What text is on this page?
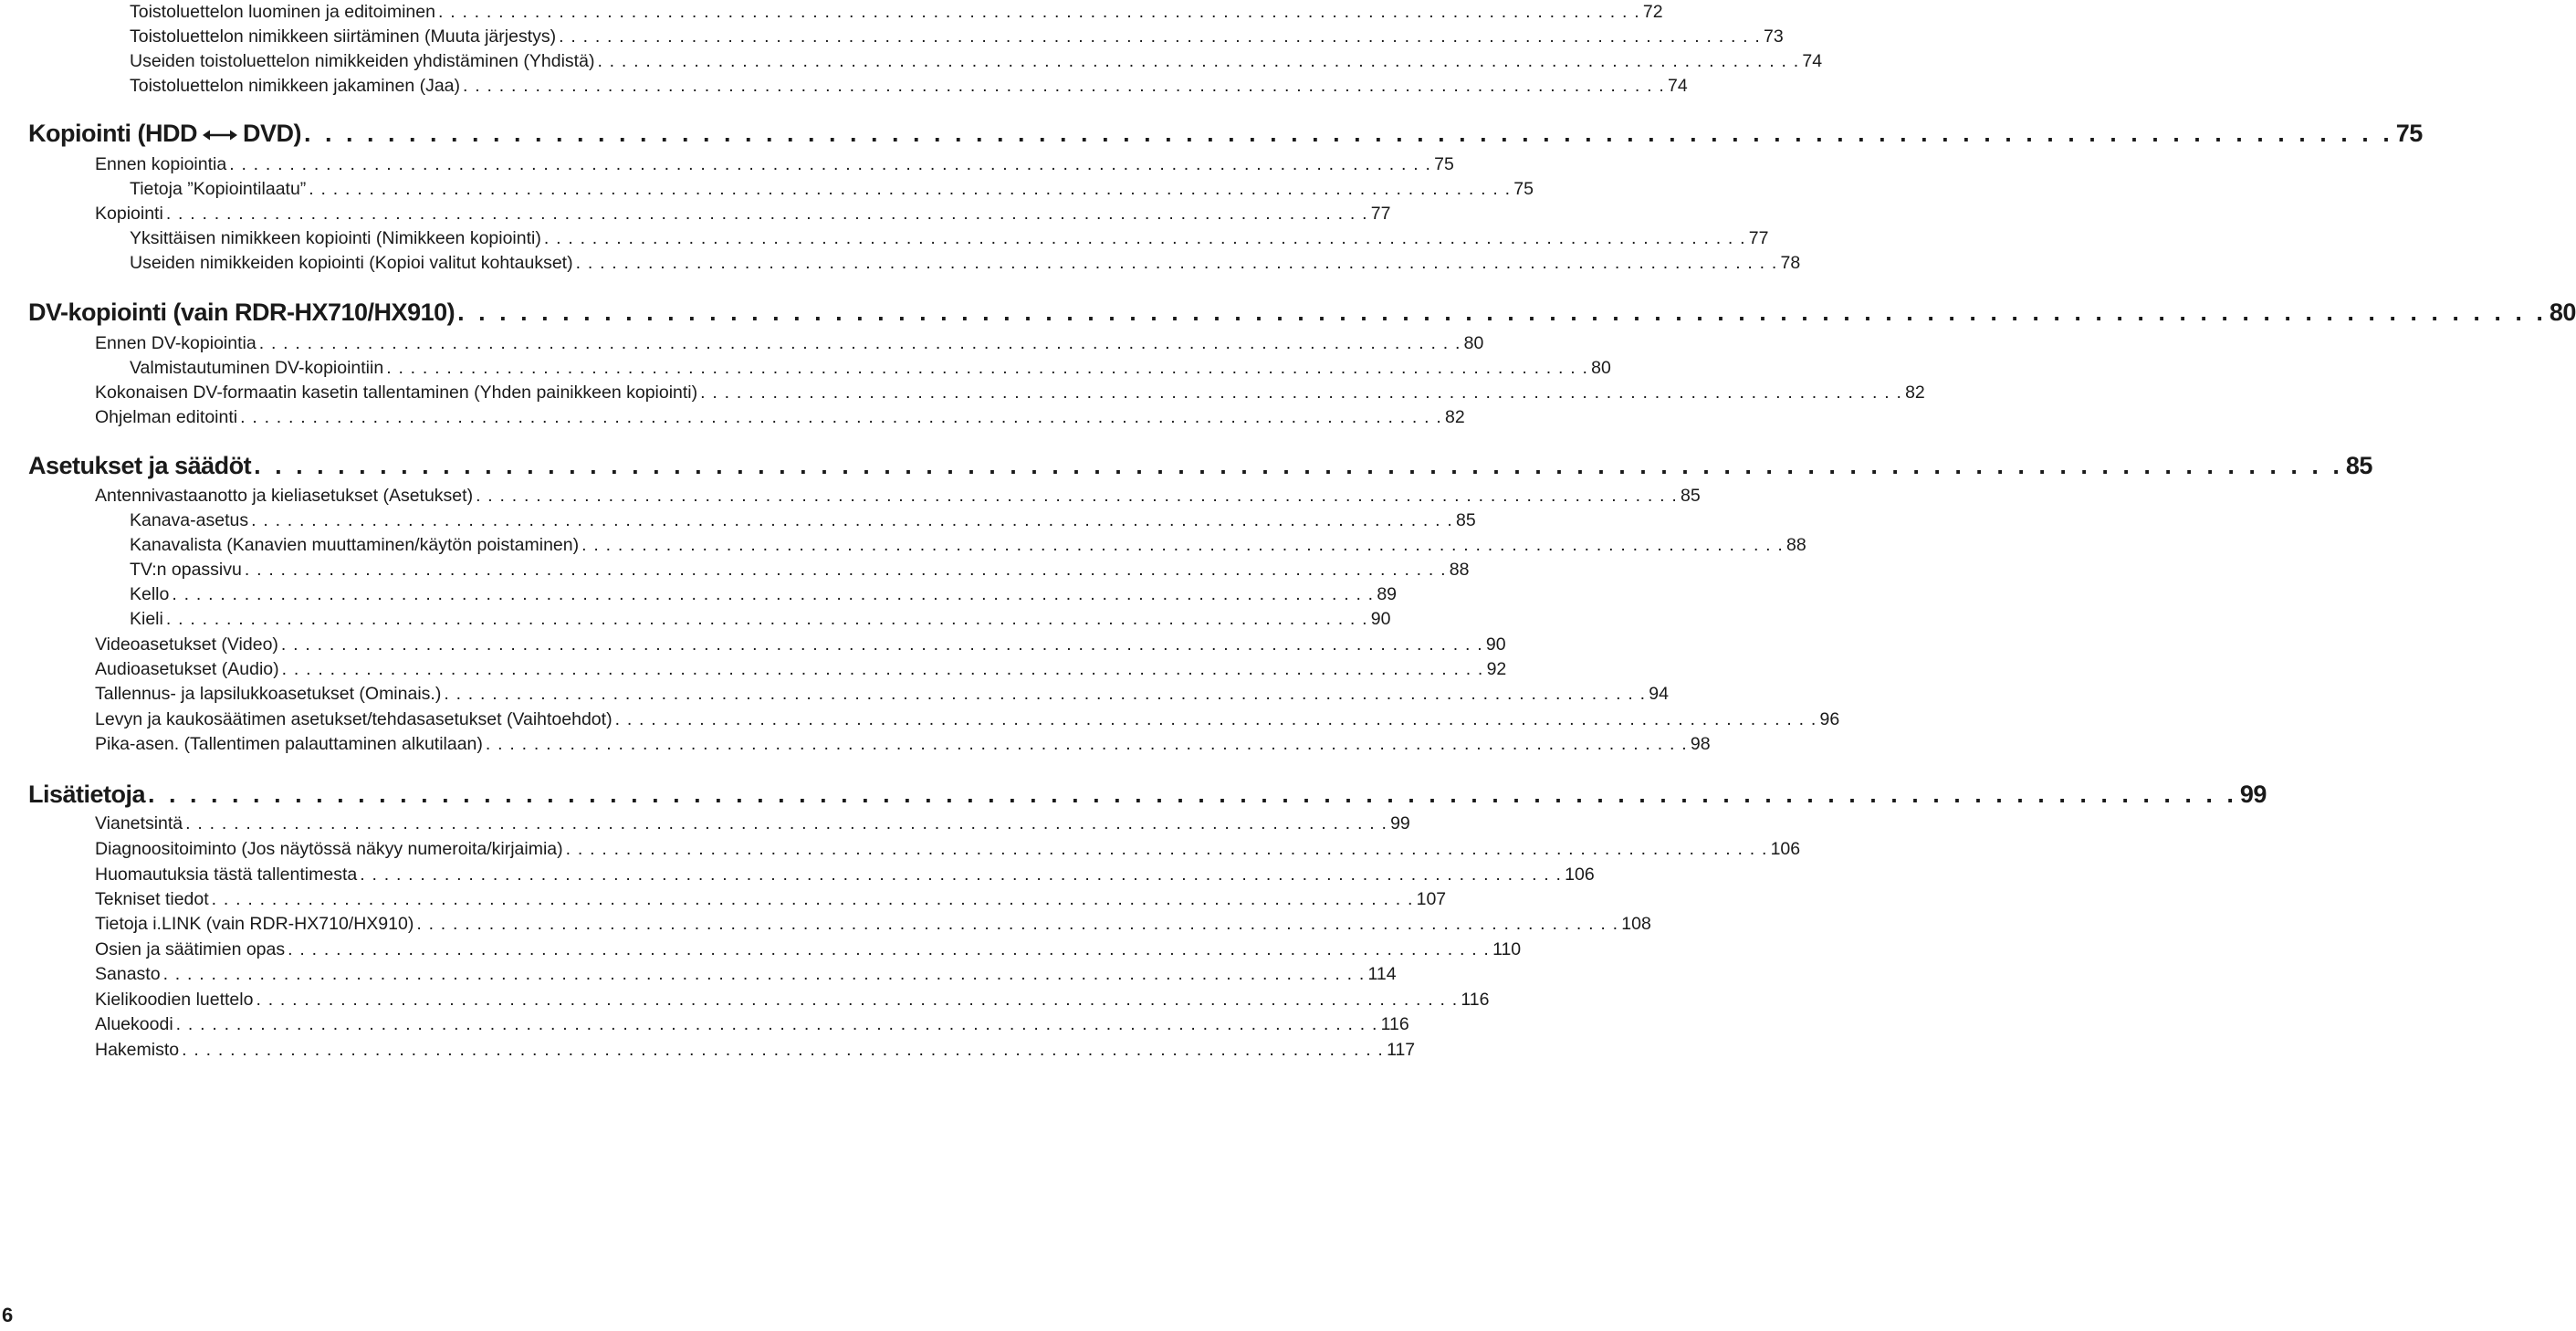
Toistoluettelon luominen ja editoiminen . . . . . . . . . . . . . . . . . . . . . . . . . . . . . . . . . . . . . . . . . . . . . . . . . . . . . . . . . . . . . . . . . . . . . . . . . . . . . . . . . . . . . . . . . . . . . . . . . . . . 72
Toistoluettelon nimikkeen siirtäminen (Muuta järjestys) . . . . . . . . . . . . . . . . . . . . . . . . . . . . . . . . . . . . . . . . . . . . . . . . . . . . . . . . . . . . . . . . . . . . . . . . . . . . . . . . . . . . . . . . . . . . . . . . . . . . 73
Useiden toistoluettelon nimikkeiden yhdistäminen (Yhdistä) . . . . . . . . . . . . . . . . . . . . . . . . . . . . . . . . . . . . . . . . . . . . . . . . . . . . . . . . . . . . . . . . . . . . . . . . . . . . . . . . . . . . . . . . . . . . . . . . . . . . 74
Toistoluettelon nimikkeen jakaminen (Jaa) . . . . . . . . . . . . . . . . . . . . . . . . . . . . . . . . . . . . . . . . . . . . . . . . . . . . . . . . . . . . . . . . . . . . . . . . . . . . . . . . . . . . . . . . . . . . . . . . . . . . 74
Kopiointi (HDD DVD) . . . . . . . . . . . . . . . . . . . . . . . . . . . . . . . . . . . . . . . . . . . . . . . . . . . . . . . . . . . . . . . . . . . . . . . . . . . . . . . . . . . . . . . . . . . . . . . . . . . . 75
Ennen kopiointia . . . . . . . . . . . . . . . . . . . . . . . . . . . . . . . . . . . . . . . . . . . . . . . . . . . . . . . . . . . . . . . . . . . . . . . . . . . . . . . . . . . . . . . . . . . . . . . . . . . . 75
Tietoja ”Kopiointilaatu” . . . . . . . . . . . . . . . . . . . . . . . . . . . . . . . . . . . . . . . . . . . . . . . . . . . . . . . . . . . . . . . . . . . . . . . . . . . . . . . . . . . . . . . . . . . . . . . . . . . . 75
Kopiointi . . . . . . . . . . . . . . . . . . . . . . . . . . . . . . . . . . . . . . . . . . . . . . . . . . . . . . . . . . . . . . . . . . . . . . . . . . . . . . . . . . . . . . . . . . . . . . . . . . . . 77
Yksittäisen nimikkeen kopiointi (Nimikkeen kopiointi) . . . . . . . . . . . . . . . . . . . . . . . . . . . . . . . . . . . . . . . . . . . . . . . . . . . . . . . . . . . . . . . . . . . . . . . . . . . . . . . . . . . . . . . . . . . . . . . . . . . . 77
Useiden nimikkeiden kopiointi (Kopioi valitut kohtaukset) . . . . . . . . . . . . . . . . . . . . . . . . . . . . . . . . . . . . . . . . . . . . . . . . . . . . . . . . . . . . . . . . . . . . . . . . . . . . . . . . . . . . . . . . . . . . . . . . . . . . 78
DV-kopiointi (vain RDR-HX710/HX910) . . . . . . . . . . . . . . . . . . . . . . . . . . . . . . . . . . . . . . . . . . . . . . . . . . . . . . . . . . . . . . . . . . . . . . . . . . . . . . . . . . . . . . . . . . . . . . . . . . . . 80
Ennen DV-kopiointia . . . . . . . . . . . . . . . . . . . . . . . . . . . . . . . . . . . . . . . . . . . . . . . . . . . . . . . . . . . . . . . . . . . . . . . . . . . . . . . . . . . . . . . . . . . . . . . . . . . . 80
Valmistautuminen DV-kopiointiin . . . . . . . . . . . . . . . . . . . . . . . . . . . . . . . . . . . . . . . . . . . . . . . . . . . . . . . . . . . . . . . . . . . . . . . . . . . . . . . . . . . . . . . . . . . . . . . . . . . . 80
Kokonaisen DV-formaatin kasetin tallentaminen (Yhden painikkeen kopiointi) . . . . . . . . . . . . . . . . . . . . . . . . . . . . . . . . . . . . . . . . . . . . . . . . . . . . . . . . . . . . . . . . . . . . . . . . . . . . . . . . . . . . . . . . . . . . . . . . . . . . 82
Ohjelman editointi . . . . . . . . . . . . . . . . . . . . . . . . . . . . . . . . . . . . . . . . . . . . . . . . . . . . . . . . . . . . . . . . . . . . . . . . . . . . . . . . . . . . . . . . . . . . . . . . . . . . 82
Asetukset ja säädöt . . . . . . . . . . . . . . . . . . . . . . . . . . . . . . . . . . . . . . . . . . . . . . . . . . . . . . . . . . . . . . . . . . . . . . . . . . . . . . . . . . . . . . . . . . . . . . . . . . . . 85
Antennivastaanotto ja kieliasetukset (Asetukset) . . . . . . . . . . . . . . . . . . . . . . . . . . . . . . . . . . . . . . . . . . . . . . . . . . . . . . . . . . . . . . . . . . . . . . . . . . . . . . . . . . . . . . . . . . . . . . . . . . . . 85
Kanava-asetus . . . . . . . . . . . . . . . . . . . . . . . . . . . . . . . . . . . . . . . . . . . . . . . . . . . . . . . . . . . . . . . . . . . . . . . . . . . . . . . . . . . . . . . . . . . . . . . . . . . . 85
Kanavalista (Kanavien muuttaminen/käytön poistaminen) . . . . . . . . . . . . . . . . . . . . . . . . . . . . . . . . . . . . . . . . . . . . . . . . . . . . . . . . . . . . . . . . . . . . . . . . . . . . . . . . . . . . . . . . . . . . . . . . . . . . 88
TV:n opassivu . . . . . . . . . . . . . . . . . . . . . . . . . . . . . . . . . . . . . . . . . . . . . . . . . . . . . . . . . . . . . . . . . . . . . . . . . . . . . . . . . . . . . . . . . . . . . . . . . . . . 88
Kello . . . . . . . . . . . . . . . . . . . . . . . . . . . . . . . . . . . . . . . . . . . . . . . . . . . . . . . . . . . . . . . . . . . . . . . . . . . . . . . . . . . . . . . . . . . . . . . . . . . . 89
Kieli . . . . . . . . . . . . . . . . . . . . . . . . . . . . . . . . . . . . . . . . . . . . . . . . . . . . . . . . . . . . . . . . . . . . . . . . . . . . . . . . . . . . . . . . . . . . . . . . . . . . 90
Videoasetukset (Video) . . . . . . . . . . . . . . . . . . . . . . . . . . . . . . . . . . . . . . . . . . . . . . . . . . . . . . . . . . . . . . . . . . . . . . . . . . . . . . . . . . . . . . . . . . . . . . . . . . . . 90
Audioasetukset (Audio) . . . . . . . . . . . . . . . . . . . . . . . . . . . . . . . . . . . . . . . . . . . . . . . . . . . . . . . . . . . . . . . . . . . . . . . . . . . . . . . . . . . . . . . . . . . . . . . . . . . . 92
Tallennus- ja lapsilukkoasetukset (Ominais.) . . . . . . . . . . . . . . . . . . . . . . . . . . . . . . . . . . . . . . . . . . . . . . . . . . . . . . . . . . . . . . . . . . . . . . . . . . . . . . . . . . . . . . . . . . . . . . . . . . . . 94
Levyn ja kaukosäätimen asetukset/tehdasasetukset (Vaihtoehdot) . . . . . . . . . . . . . . . . . . . . . . . . . . . . . . . . . . . . . . . . . . . . . . . . . . . . . . . . . . . . . . . . . . . . . . . . . . . . . . . . . . . . . . . . . . . . . . . . . . . . 96
Pika-asen. (Tallentimen palauttaminen alkutilaan) . . . . . . . . . . . . . . . . . . . . . . . . . . . . . . . . . . . . . . . . . . . . . . . . . . . . . . . . . . . . . . . . . . . . . . . . . . . . . . . . . . . . . . . . . . . . . . . . . . . . 98
Lisätietoja . . . . . . . . . . . . . . . . . . . . . . . . . . . . . . . . . . . . . . . . . . . . . . . . . . . . . . . . . . . . . . . . . . . . . . . . . . . . . . . . . . . . . . . . . . . . . . . . . . . . 99
Vianetsintä . . . . . . . . . . . . . . . . . . . . . . . . . . . . . . . . . . . . . . . . . . . . . . . . . . . . . . . . . . . . . . . . . . . . . . . . . . . . . . . . . . . . . . . . . . . . . . . . . . . . 99
Diagnoositoiminto (Jos näytössä näkyy numeroita/kirjaimia) . . . . . . . . . . . . . . . . . . . . . . . . . . . . . . . . . . . . . . . . . . . . . . . . . . . . . . . . . . . . . . . . . . . . . . . . . . . . . . . . . . . . . . . . . . . . . . . . . . . . 106
Huomautuksia tästä tallentimesta . . . . . . . . . . . . . . . . . . . . . . . . . . . . . . . . . . . . . . . . . . . . . . . . . . . . . . . . . . . . . . . . . . . . . . . . . . . . . . . . . . . . . . . . . . . . . . . . . . . . 106
Tekniset tiedot . . . . . . . . . . . . . . . . . . . . . . . . . . . . . . . . . . . . . . . . . . . . . . . . . . . . . . . . . . . . . . . . . . . . . . . . . . . . . . . . . . . . . . . . . . . . . . . . . . . . 107
Tietoja i.LINK (vain RDR-HX710/HX910) . . . . . . . . . . . . . . . . . . . . . . . . . . . . . . . . . . . . . . . . . . . . . . . . . . . . . . . . . . . . . . . . . . . . . . . . . . . . . . . . . . . . . . . . . . . . . . . . . . . . 108
Osien ja säätimien opas . . . . . . . . . . . . . . . . . . . . . . . . . . . . . . . . . . . . . . . . . . . . . . . . . . . . . . . . . . . . . . . . . . . . . . . . . . . . . . . . . . . . . . . . . . . . . . . . . . . . 110
Sanasto . . . . . . . . . . . . . . . . . . . . . . . . . . . . . . . . . . . . . . . . . . . . . . . . . . . . . . . . . . . . . . . . . . . . . . . . . . . . . . . . . . . . . . . . . . . . . . . . . . . . 114
Kielikoodien luettelo . . . . . . . . . . . . . . . . . . . . . . . . . . . . . . . . . . . . . . . . . . . . . . . . . . . . . . . . . . . . . . . . . . . . . . . . . . . . . . . . . . . . . . . . . . . . . . . . . . . . 116
Aluekoodi . . . . . . . . . . . . . . . . . . . . . . . . . . . . . . . . . . . . . . . . . . . . . . . . . . . . . . . . . . . . . . . . . . . . . . . . . . . . . . . . . . . . . . . . . . . . . . . . . . . . 116
Hakemisto . . . . . . . . . . . . . . . . . . . . . . . . . . . . . . . . . . . . . . . . . . . . . . . . . . . . . . . . . . . . . . . . . . . . . . . . . . . . . . . . . . . . . . . . . . . . . . . . . . . . 117
6
